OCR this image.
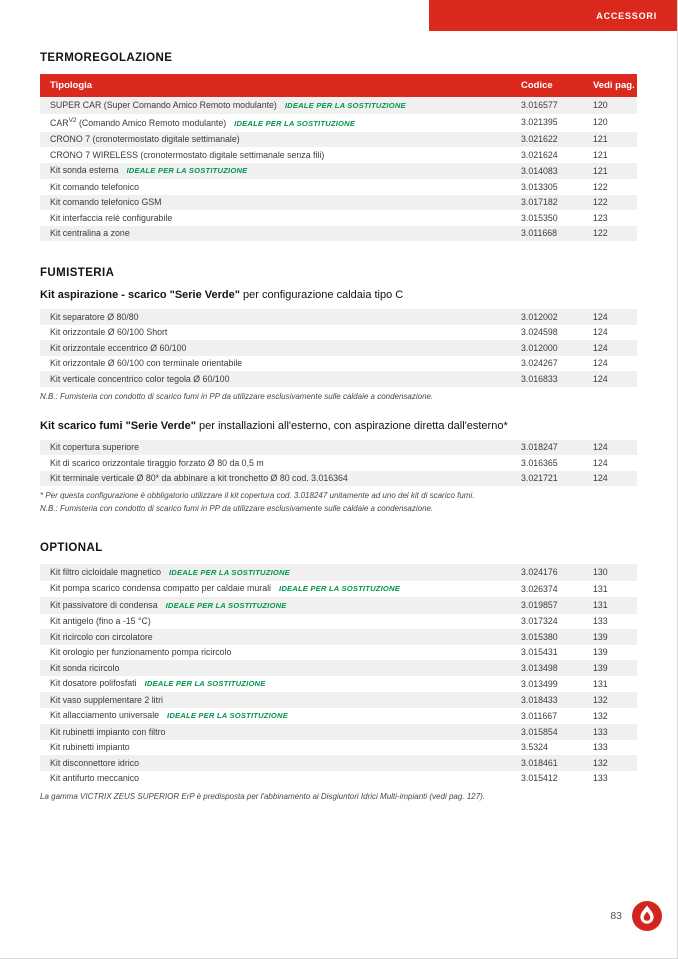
ACCESSORI
TERMOREGOLAZIONE
Tipologia	Codice	Vedi pag.
SUPER CAR (Super Comando Amico Remoto modulante) IDEALE PER LA SOSTITUZIONE	3.016577	120
$CAR^{V2}$ (Comando Amico Remoto modulante) IDEALE PER LA SOSTITUZIONE	3.021395	120
CRONO 7 (cronotermostato digitale settimanale)	3.021622	121
CRONO 7 WIRELESS (cronotermostato digitale settimanale senza fili)	3.021624	121
Kit sonda esterna IDEALE PER LA SOSTITUZIONE	3.014083	121
Kit comando telefonico	3.013305	122
Kit comando telefonico GSM	3.017182	122
Kit interfaccia relè configurabile	3.015350	123
Kit centralina a zone	3.011668	122
FUMISTERIA
Kit aspirazione - scarico "Serie Verde" per configurazione caldaia tipo C
Kit separatore Ø 80/80	3.012002	124
Kit orizzontale Ø 60/100 Short	3.024598	124
Kit orizzontale eccentrico Ø 60/100	3.012000	124
Kit orizzontale Ø 60/100 con terminale orientabile	3.024267	124
Kit verticale concentrico color tegola Ø 60/100	3.016833	124

N.B.: Fumisteria con condotto di scarico fumi in PP da utilizzare esclusivamente sulle caldaie a condensazione.

Kit scarico fumi "Serie Verde" per installazioni all'esterno, con aspirazione diretta dall'esterno*
Kit copertura superiore	3.018247	124
Kit di scarico orizzontale tiraggio forzato Ø 80 da 0,5 m	3.016365	124
Kit terminale verticale Ø 80* da abbinare a kit tronchetto Ø 80 cod. 3.016364	3.021721	124

* Per questa configurazione è obbligatorio utilizzare il kit copertura cod. 3.018247 unitamente ad uno dei kit di scarico fumi.

N.B.: Fumisteria con condotto di scarico fumi in PP da utilizzare esclusivamente sulle caldaie a condensazione.

OPTIONAL
Kit filtro cicloidale magnetico IDEALE PER LA SOSTITUZIONE	3.024176	130
Kit pompa scarico condensa compatto per caldaie murali IDEALE PER LA SOSTITUZIONE	3.026374	131
Kit passivatore di condensa IDEALE PER LA SOSTITUZIONE	3.019857	131
Kit antigelo (fino a -15 °C)	3.017324	133
Kit ricircolo con circolatore	3.015380	139
Kit orologio per funzionamento pompa ricircolo	3.015431	139
Kit sonda ricircolo	3.013498	139
Kit dosatore polifosfati IDEALE PER LA SOSTITUZIONE	3.013499	131
Kit vaso supplementare 2 litri	3.018433	132
Kit allacciamento universale IDEALE PER LA SOSTITUZIONE	3.011667	132
Kit rubinetti impianto con filtro	3.015854	133
Kit rubinetti impianto	3.5324	133
Kit disconnettore idrico	3.018461	132
Kit antifurto meccanico	3.015412	133

La gamma VICTRIX ZEUS SUPERIOR ErP è predisposta per l'abbinamento ai Disgiuntori Idrici Multi-impianti (vedi pag. 127).

83
